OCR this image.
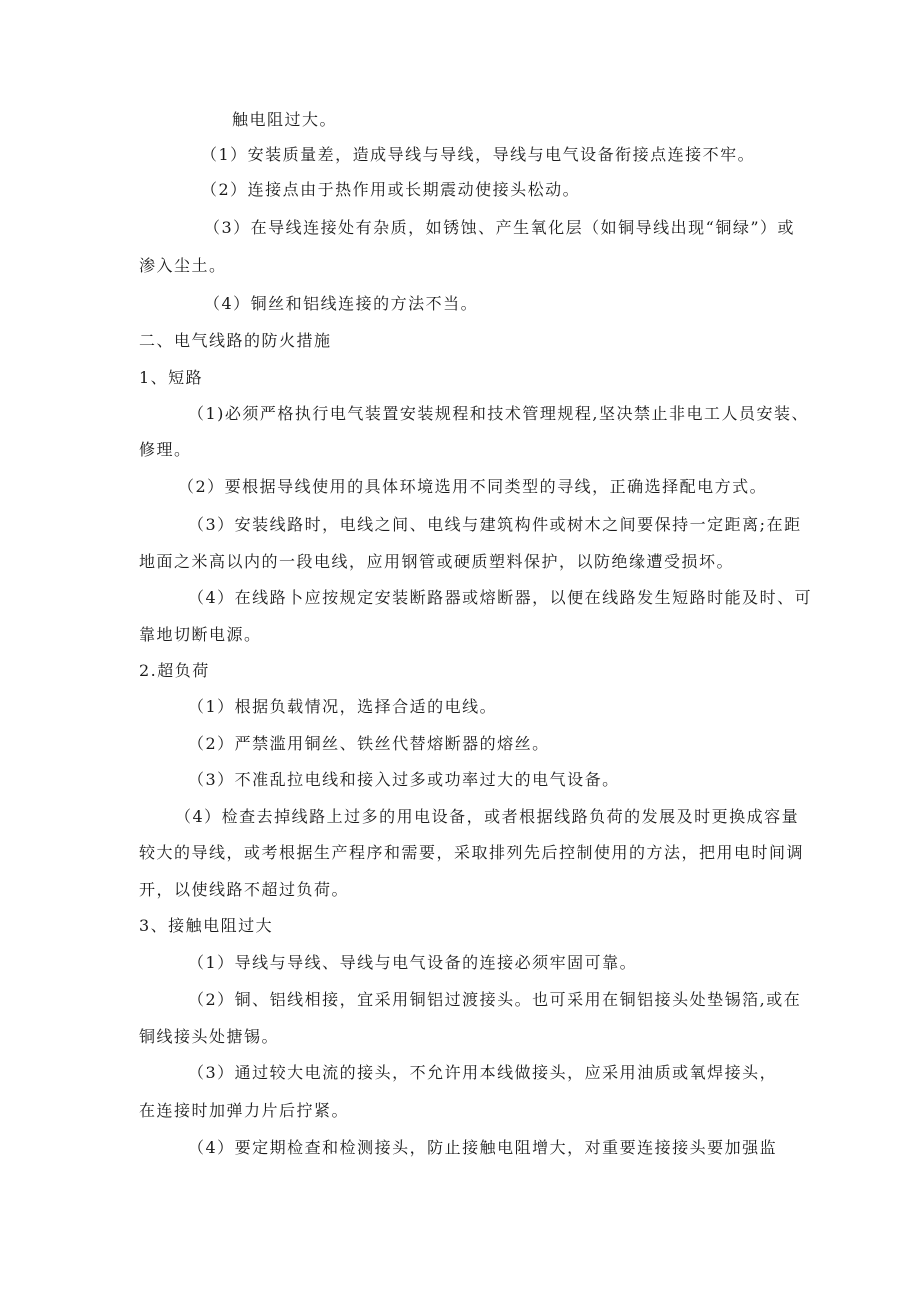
触电阻过大。

（1）安装质量差，造成导线与导线，导线与电气设备衔接点连接不牢。

（2）连接点由于热作用或长期震动使接头松动。

（3）在导线连接处有杂质，如锈蚀、产生氧化层（如铜导线出现“铜绿”）或

渗入尘土。

（4）铜丝和铝线连接的方法不当。

二、电气线路的防火措施

1、短路

（1)必须严格执行电气装置安装规程和技术管理规程,坚决禁止非电工人员安装、

修理。

（2）要根据导线使用的具体环境选用不同类型的寻线，正确选择配电方式。

（3）安装线路时，电线之间、电线与建筑构件或树木之间要保持一定距离;在距

地面之米高以内的一段电线，应用钢管或硬质塑料保护，以防绝缘遭受损坏。

（4）在线路卜应按规定安装断路器或熔断器，以便在线路发生短路时能及时、可

靠地切断电源。

2.超负荷

（1）根据负载情况，选择合适的电线。

（2）严禁滥用铜丝、铁丝代替熔断器的熔丝。

（3）不准乱拉电线和接入过多或功率过大的电气设备。

（4）检查去掉线路上过多的用电设备，或者根据线路负荷的发展及时更换成容量

较大的导线，或考根据生产程序和需要，采取排列先后控制使用的方法，把用电时间调

开，以使线路不超过负荷。

3、接触电阻过大

（1）导线与导线、导线与电气设备的连接必须牢固可靠。

（2）铜、铝线相接，宜采用铜铝过渡接头。也可采用在铜铝接头处垫锡箔,或在

铜线接头处搪锡。

（3）通过较大电流的接头，不允许用本线做接头，应采用油质或氧焊接头，

在连接时加弹力片后拧紧。

（4）要定期检查和检测接头，防止接触电阻增大，对重要连接接头要加强监
